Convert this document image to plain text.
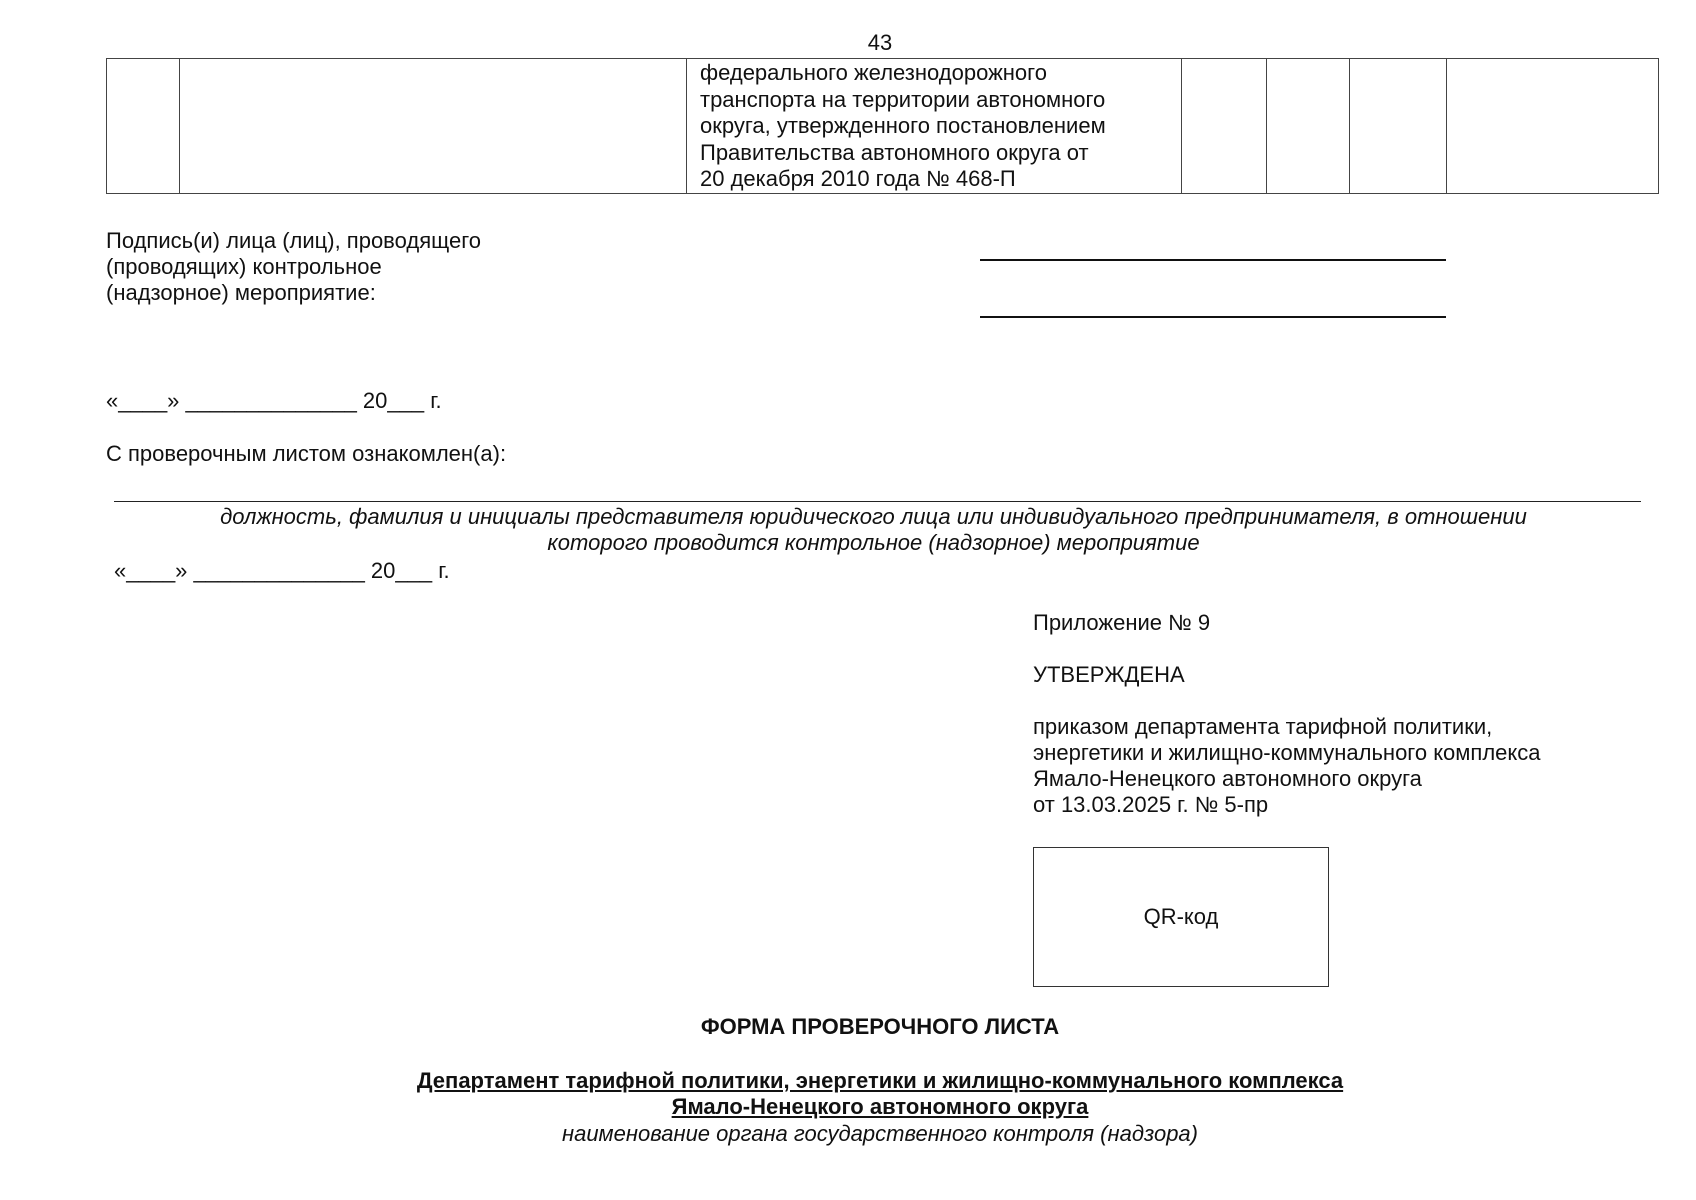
43

федерального железнодорожного
транспорта на территории автономного
округа, утвержденного постановлением
Правительства автономного округа от
20 декабря 2010 года № 468-П

Подпись(и) лица (лиц), проводящего
(проводящих) контрольное
(надзорное) мероприятие:
«____» ______________ 20___ г.
С проверочным листом ознакомлен(а):
должность, фамилия и инициалы представителя юридического лица или индивидуального предпринимателя, в отношении
которого проводится контрольное (надзорное) мероприятие
«____» ______________ 20___ г.
Приложение № 9
УТВЕРЖДЕНА
приказом департамента тарифной политики,
энергетики и жилищно-коммунального комплекса
Ямало-Ненецкого автономного округа
от 13.03.2025 г. № 5-пр
QR-код
ФОРМА ПРОВЕРОЧНОГО ЛИСТА
Департамент тарифной политики, энергетики и жилищно-коммунального комплекса
Ямало-Ненецкого автономного округа
наименование органа государственного контроля (надзора)
